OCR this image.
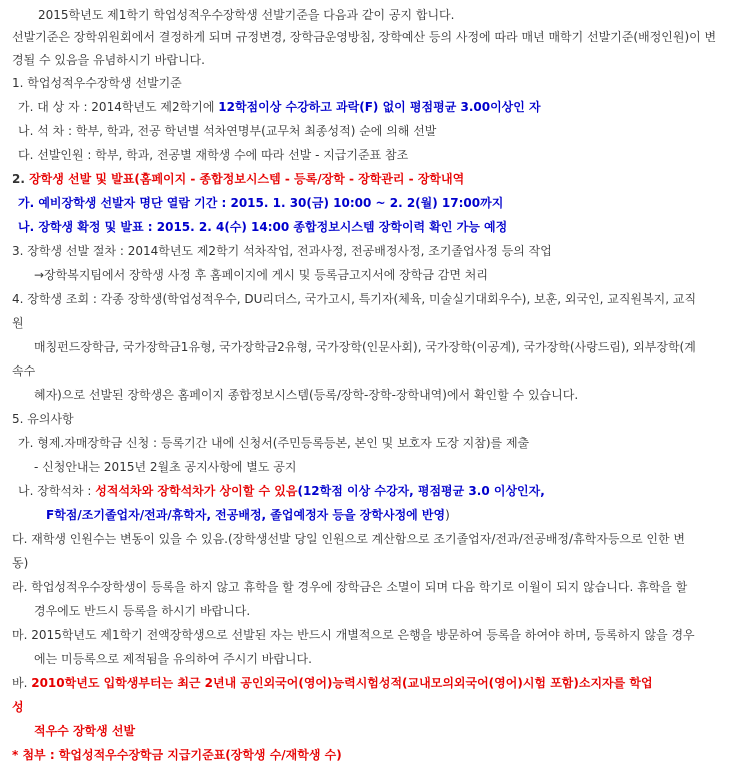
2015학년도 제1학기 학업성적우수장학생 선발기준을 다음과 같이 공지 합니다.
선발기준은 장학위원회에서 결정하게 되며 규정변경, 장학금운영방침, 장학예산 등의 사정에 따라 매년 매학기 선발기준(배정인원)이 변
경될 수 있음을 유념하시기 바랍니다.
1. 학업성적우수장학생 선발기준
가. 대 상 자 : 2014학년도 제2학기에 12학점이상 수강하고 과락(F) 없이 평점평균 3.00이상인 자
나. 석 차 : 학부, 학과, 전공 학년별 석차연명부(교무처 최종성적) 순에 의해 선발
다. 선발인원 : 학부, 학과, 전공별 재학생 수에 따라 선발 - 지급기준표 참조
2. 장학생 선발 및 발표(홈페이지 - 종합정보시스템 - 등록/장학 - 장학관리 - 장학내역
가. 예비장학생 선발자 명단 열람 기간 : 2015. 1. 30(금) 10:00 ~ 2. 2(월) 17:00까지
나. 장학생 확정 및 발표 : 2015. 2. 4(수) 14:00 종합정보시스템 장학이력 확인 가능 예정
3. 장학생 선발 절차 : 2014학년도 제2학기 석차작업, 전과사정, 전공배정사정, 조기졸업사정 등의 작업
→장학복지팀에서 장학생 사정 후 홈페이지에 게시 및 등록금고지서에 장학금 감면 처리
4. 장학생 조회 : 각종 장학생(학업성적우수, DU리더스, 국가고시, 특기자(체육, 미술실기대회우수), 보훈, 외국인, 교직원복지, 교직
원
매칭펀드장학금, 국가장학금1유형, 국가장학금2유형, 국가장학(인문사회), 국가장학(이공계), 국가장학(사랑드림), 외부장학(계
속수
혜자)으로 선발된 장학생은 홈페이지 종합정보시스템(등록/장학-장학-장학내역)에서 확인할 수 있습니다.
5. 유의사항
가. 형제.자매장학금 신청 : 등록기간 내에 신청서(주민등록등본, 본인 및 보호자 도장 지참)를 제출
- 신청안내는 2015년 2월초 공지사항에 별도 공지
나. 장학석차 : 성적석차와 장학석차가 상이할 수 있음(12학점 이상 수강자, 평점평균 3.0 이상인자,
F학점/조기졸업자/전과/휴학자, 전공배정, 졸업예정자 등을 장학사정에 반영)
다. 재학생 인원수는 변동이 있을 수 있음.(장학생선발 당일 인원으로 계산함으로 조기졸업자/전과/전공배정/휴학자등으로 인한 변
동)
라. 학업성적우수장학생이 등록을 하지 않고 휴학을 할 경우에 장학금은 소멸이 되며 다음 학기로 이월이 되지 않습니다. 휴학을 할
경우에도 반드시 등록을 하시기 바랍니다.
마. 2015학년도 제1학기 전액장학생으로 선발된 자는 반드시 개별적으로 은행을 방문하여 등록을 하여야 하며, 등록하지 않을 경우
에는 미등록으로 제적됨을 유의하여 주시기 바랍니다.
바. 2010학년도 입학생부터는 최근 2년내 공인외국어(영어)능력시험성적(교내모의외국어(영어)시험 포함)소지자를 학업
성
적우수 장학생 선발
* 첨부 : 학업성적우수장학금 지급기준표(장학생 수/재학생 수)
